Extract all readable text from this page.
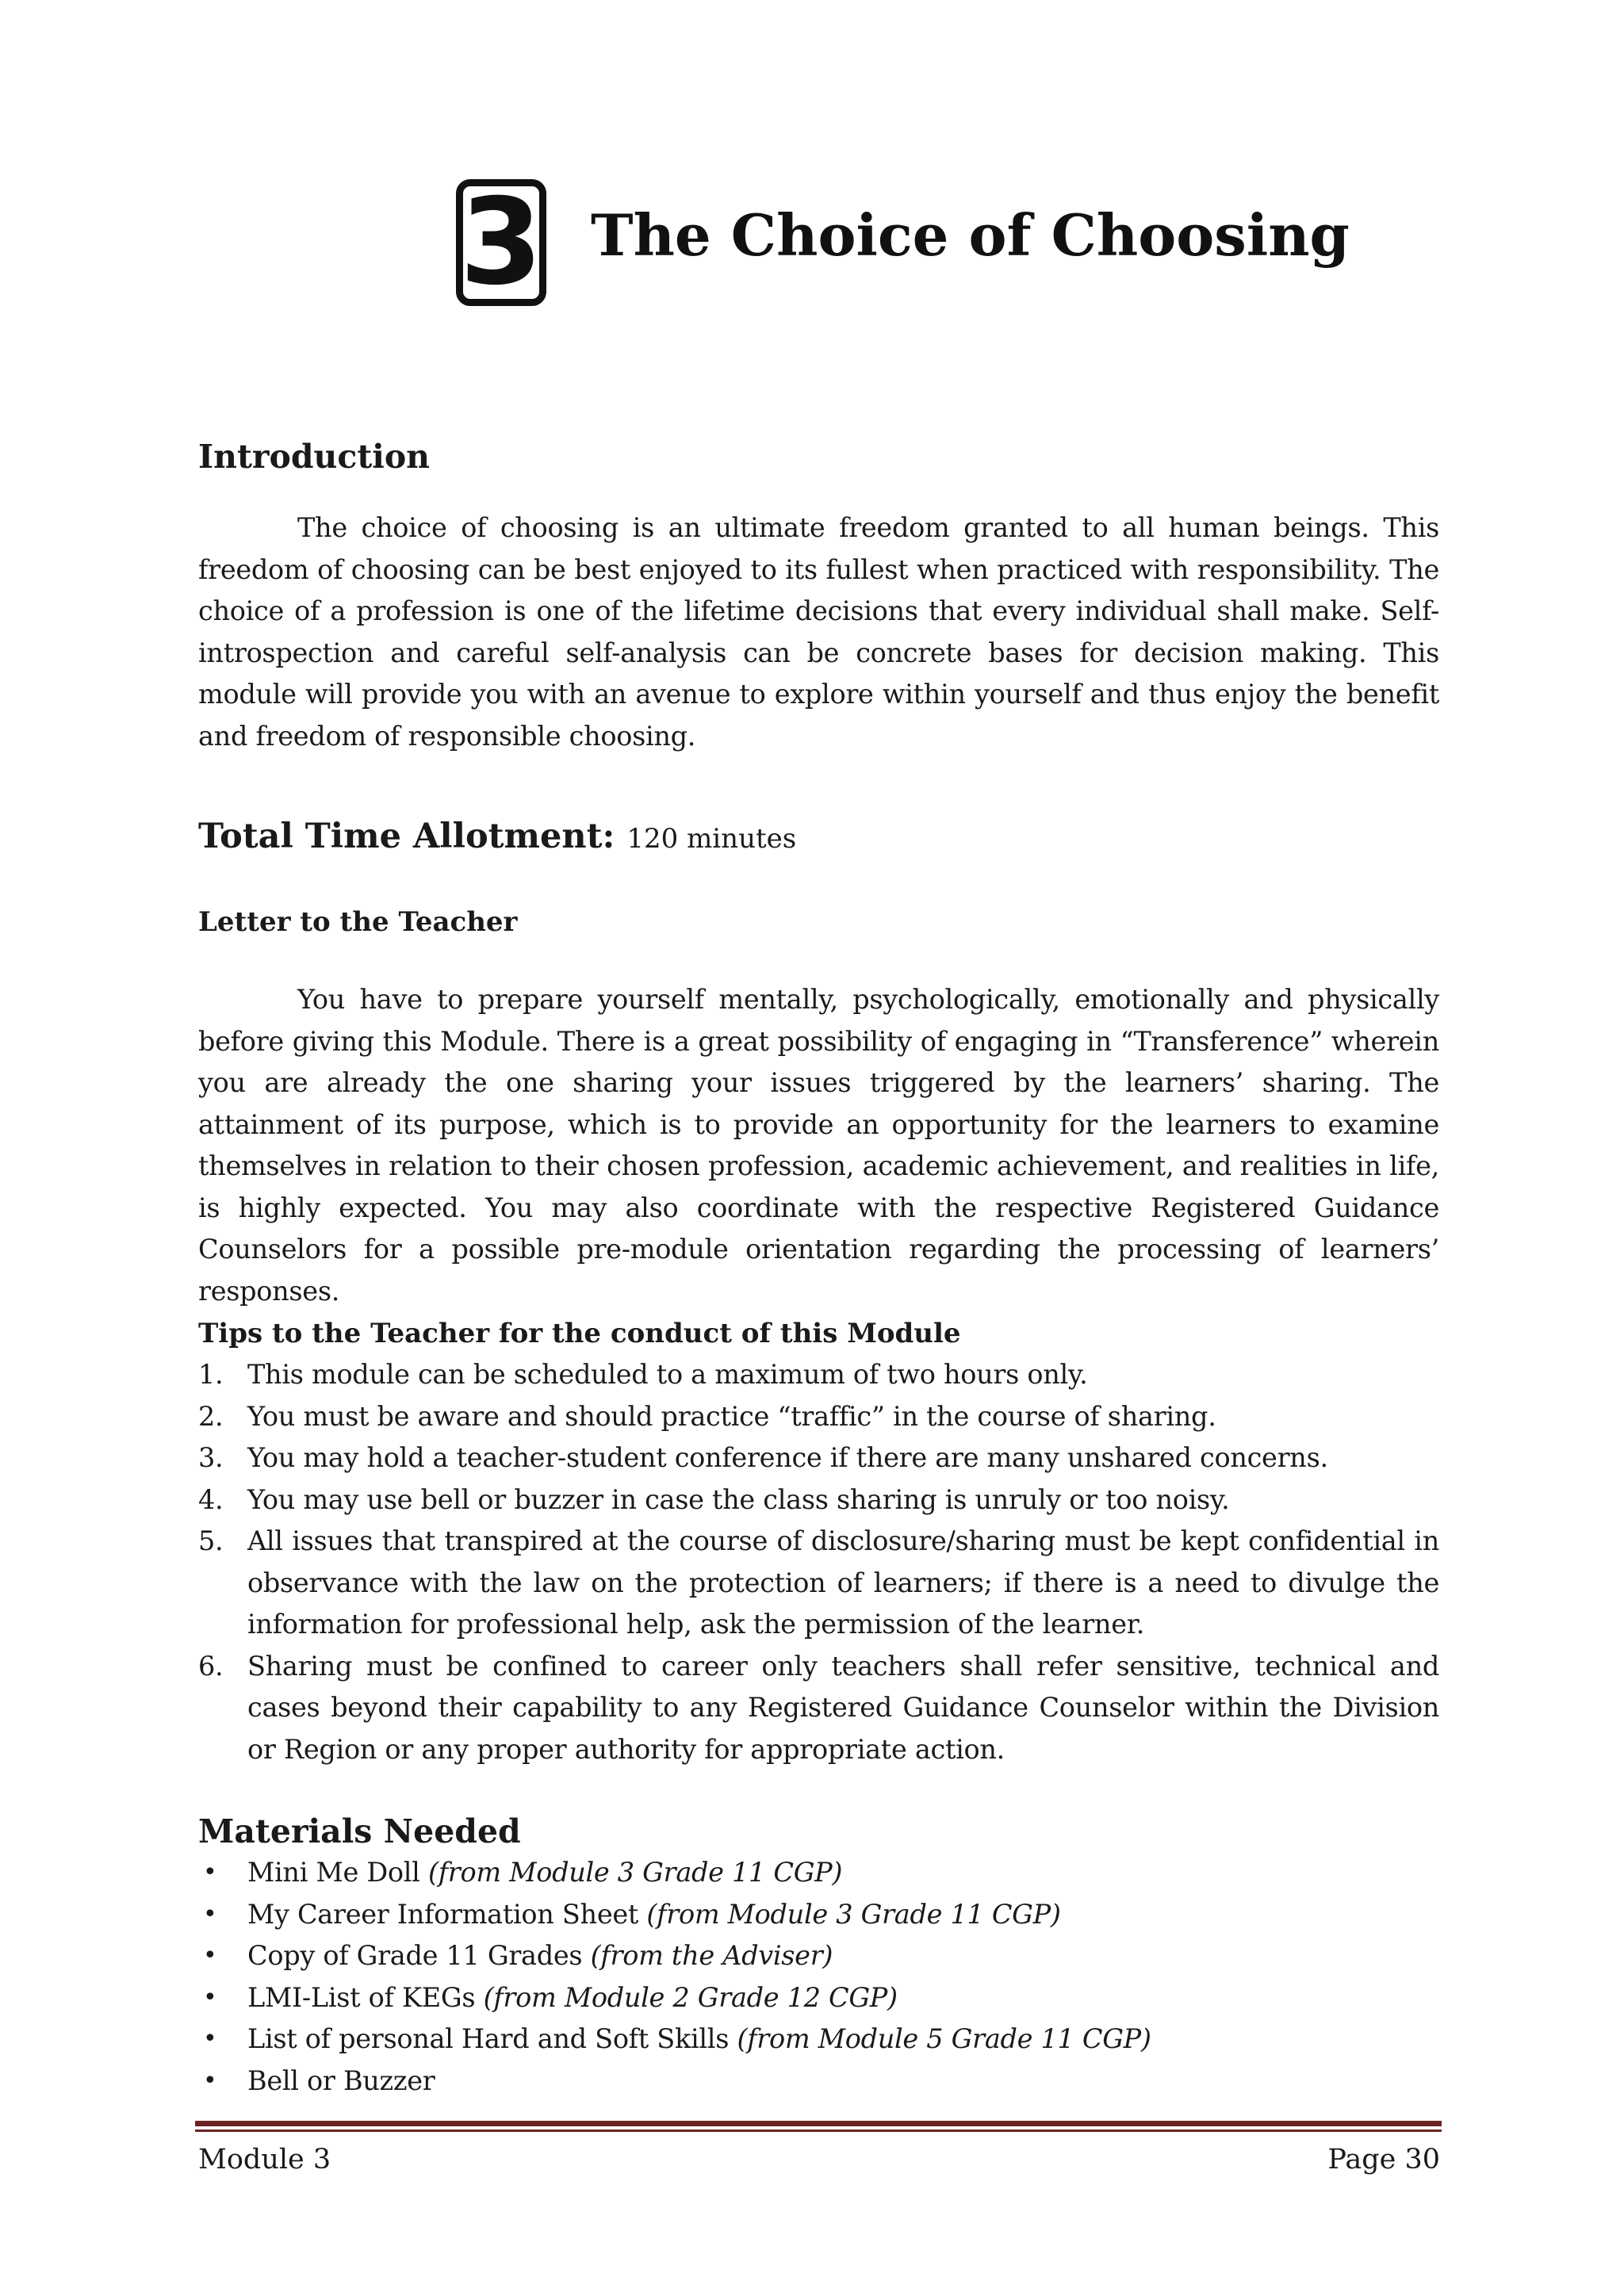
3 The Choice of Choosing
Introduction

The choice of choosing is an ultimate freedom granted to all human beings. This freedom of choosing can be best enjoyed to its fullest when practiced with responsibility. The choice of a profession is one of the lifetime decisions that every individual shall make. Self-introspection and careful self-analysis can be concrete bases for decision making. This module will provide you with an avenue to explore within yourself and thus enjoy the benefit and freedom of responsible choosing.

Total Time Allotment: 120 minutes
Letter to the Teacher

You have to prepare yourself mentally, psychologically, emotionally and physically before giving this Module. There is a great possibility of engaging in “Transference” wherein you are already the one sharing your issues triggered by the learners’ sharing. The attainment of its purpose, which is to provide an opportunity for the learners to examine themselves in relation to their chosen profession, academic achievement, and realities in life, is highly expected. You may also coordinate with the respective Registered Guidance Counselors for a possible pre-module orientation regarding the processing of learners’ responses.

Tips to the Teacher for the conduct of this Module
1. This module can be scheduled to a maximum of two hours only.
2. You must be aware and should practice “traffic” in the course of sharing.
3. You may hold a teacher-student conference if there are many unshared concerns.
4. You may use bell or buzzer in case the class sharing is unruly or too noisy.
5. All issues that transpired at the course of disclosure/sharing must be kept confidential in observance with the law on the protection of learners; if there is a need to divulge the information for professional help, ask the permission of the learner.
6. Sharing must be confined to career only teachers shall refer sensitive, technical and cases beyond their capability to any Registered Guidance Counselor within the Division or Region or any proper authority for appropriate action.
Materials Needed
• Mini Me Doll (from Module 3 Grade 11 CGP)
• My Career Information Sheet (from Module 3 Grade 11 CGP)
• Copy of Grade 11 Grades (from the Adviser)
• LMI-List of KEGs (from Module 2 Grade 12 CGP)
• List of personal Hard and Soft Skills (from Module 5 Grade 11 CGP)
• Bell or Buzzer
Module 3	Page 30
